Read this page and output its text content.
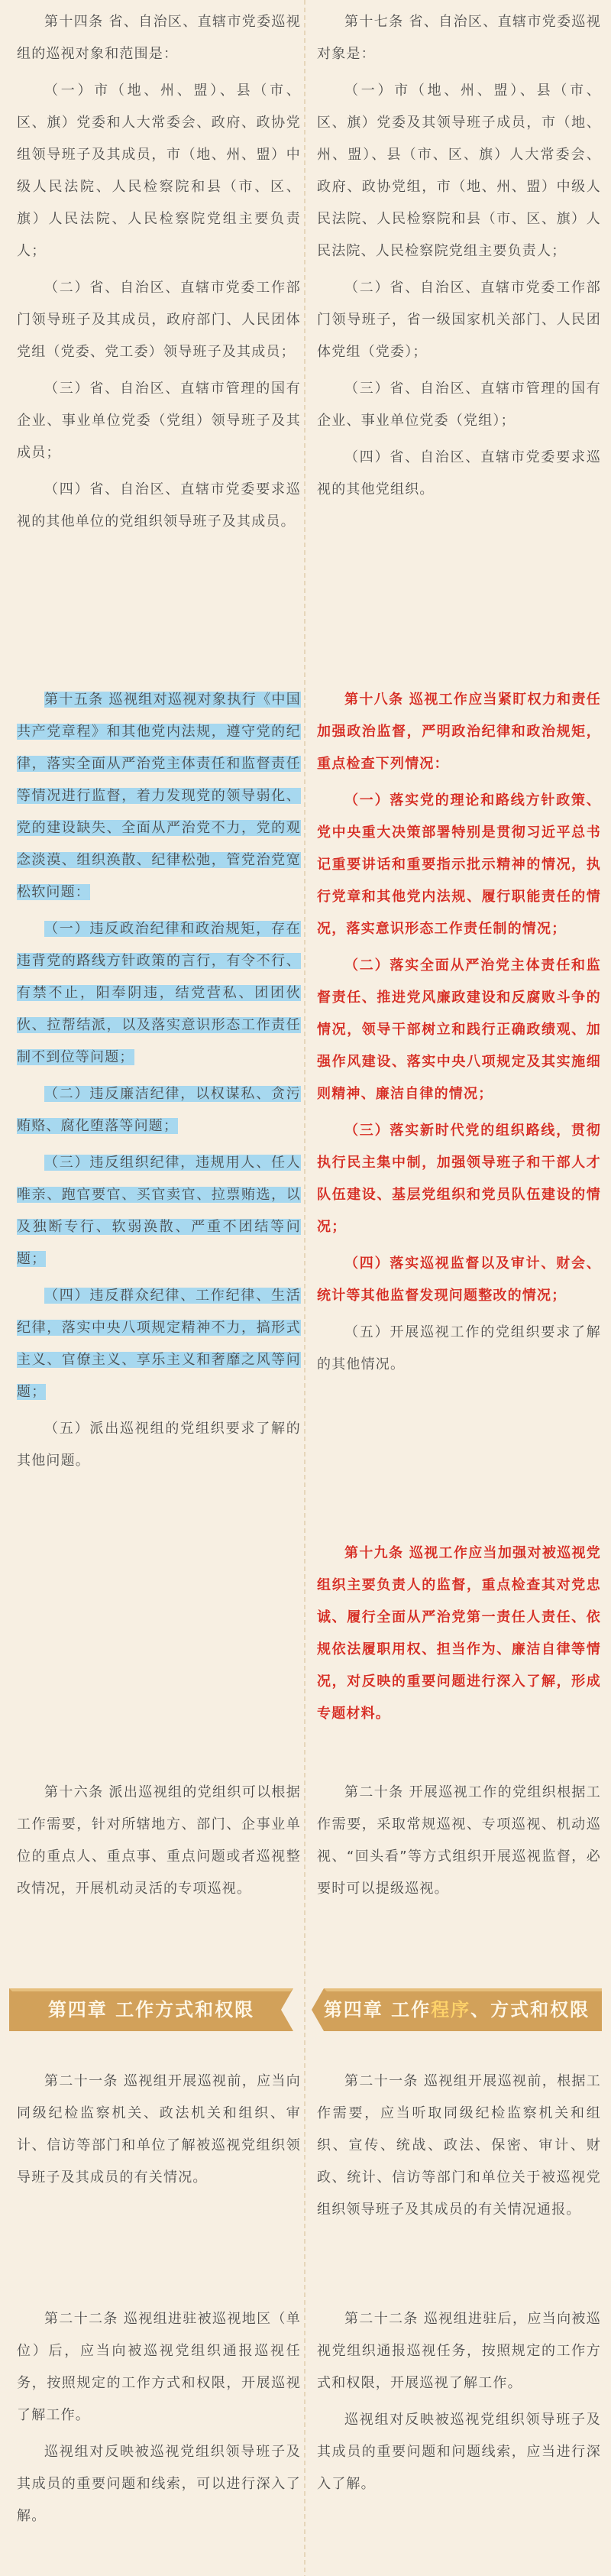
第十四条 省、自治区、直辖市党委巡视组的巡视对象和范围是：

（一）市（地、州、盟）、县（市、区、旗）党委和人大常委会、政府、政协党组领导班子及其成员，市（地、州、盟）中级人民法院、人民检察院和县（市、区、旗）人民法院、人民检察院党组主要负责人；

（二）省、自治区、直辖市党委工作部门领导班子及其成员，政府部门、人民团体党组（党委、党工委）领导班子及其成员；

（三）省、自治区、直辖市管理的国有企业、事业单位党委（党组）领导班子及其成员；

（四）省、自治区、直辖市党委要求巡视的其他单位的党组织领导班子及其成员。

第十五条 巡视组对巡视对象执行《中国共产党章程》和其他党内法规，遵守党的纪律，落实全面从严治党主体责任和监督责任等情况进行监督，着力发现党的领导弱化、党的建设缺失、全面从严治党不力，党的观念淡漠、组织涣散、纪律松弛，管党治党宽松软问题：

（一）违反政治纪律和政治规矩，存在违背党的路线方针政策的言行，有令不行、有禁不止，阳奉阴违，结党营私、团团伙伙、拉帮结派，以及落实意识形态工作责任制不到位等问题；

（二）违反廉洁纪律，以权谋私、贪污贿赂、腐化堕落等问题；

（三）违反组织纪律，违规用人、任人唯亲、跑官要官、买官卖官、拉票贿选，以及独断专行、软弱涣散、严重不团结等问题；

（四）违反群众纪律、工作纪律、生活纪律，落实中央八项规定精神不力，搞形式主义、官僚主义、享乐主义和奢靡之风等问题；

（五）派出巡视组的党组织要求了解的其他问题。

第十六条 派出巡视组的党组织可以根据工作需要，针对所辖地方、部门、企事业单位的重点人、重点事、重点问题或者巡视整改情况，开展机动灵活的专项巡视。

第二十一条 巡视组开展巡视前，应当向同级纪检监察机关、政法机关和组织、审计、信访等部门和单位了解被巡视党组织领导班子及其成员的有关情况。

第二十二条 巡视组进驻被巡视地区（单位）后，应当向被巡视党组织通报巡视任务，按照规定的工作方式和权限，开展巡视了解工作。

巡视组对反映被巡视党组织领导班子及其成员的重要问题和线索，可以进行深入了解。

第十七条 省、自治区、直辖市党委巡视对象是：

（一）市（地、州、盟）、县（市、区、旗）党委及其领导班子成员，市（地、州、盟）、县（市、区、旗）人大常委会、政府、政协党组，市（地、州、盟）中级人民法院、人民检察院和县（市、区、旗）人民法院、人民检察院党组主要负责人；

（二）省、自治区、直辖市党委工作部门领导班子，省一级国家机关部门、人民团体党组（党委）；

（三）省、自治区、直辖市管理的国有企业、事业单位党委（党组）；

（四）省、自治区、直辖市党委要求巡视的其他党组织。

第十八条 巡视工作应当紧盯权力和责任加强政治监督，严明政治纪律和政治规矩，重点检查下列情况：

（一）落实党的理论和路线方针政策、党中央重大决策部署特别是贯彻习近平总书记重要讲话和重要指示批示精神的情况，执行党章和其他党内法规、履行职能责任的情况，落实意识形态工作责任制的情况；

（二）落实全面从严治党主体责任和监督责任、推进党风廉政建设和反腐败斗争的情况，领导干部树立和践行正确政绩观、加强作风建设、落实中央八项规定及其实施细则精神、廉洁自律的情况；

（三）落实新时代党的组织路线，贯彻执行民主集中制，加强领导班子和干部人才队伍建设、基层党组织和党员队伍建设的情况；

（四）落实巡视监督以及审计、财会、统计等其他监督发现问题整改的情况；

（五）开展巡视工作的党组织要求了解的其他情况。

第十九条 巡视工作应当加强对被巡视党组织主要负责人的监督，重点检查其对党忠诚、履行全面从严治党第一责任人责任、依规依法履职用权、担当作为、廉洁自律等情况，对反映的重要问题进行深入了解，形成专题材料。

第二十条 开展巡视工作的党组织根据工作需要，采取常规巡视、专项巡视、机动巡视、“回头看”等方式组织开展巡视监督，必要时可以提级巡视。

第二十一条 巡视组开展巡视前，根据工作需要，应当听取同级纪检监察机关和组织、宣传、统战、政法、保密、审计、财政、统计、信访等部门和单位关于被巡视党组织领导班子及其成员的有关情况通报。

第二十二条 巡视组进驻后，应当向被巡视党组织通报巡视任务，按照规定的工作方式和权限，开展巡视了解工作。

巡视组对反映被巡视党组织领导班子及其成员的重要问题和问题线索，应当进行深入了解。

第四章 工作方式和权限	第四章 工作程序、方式和权限
